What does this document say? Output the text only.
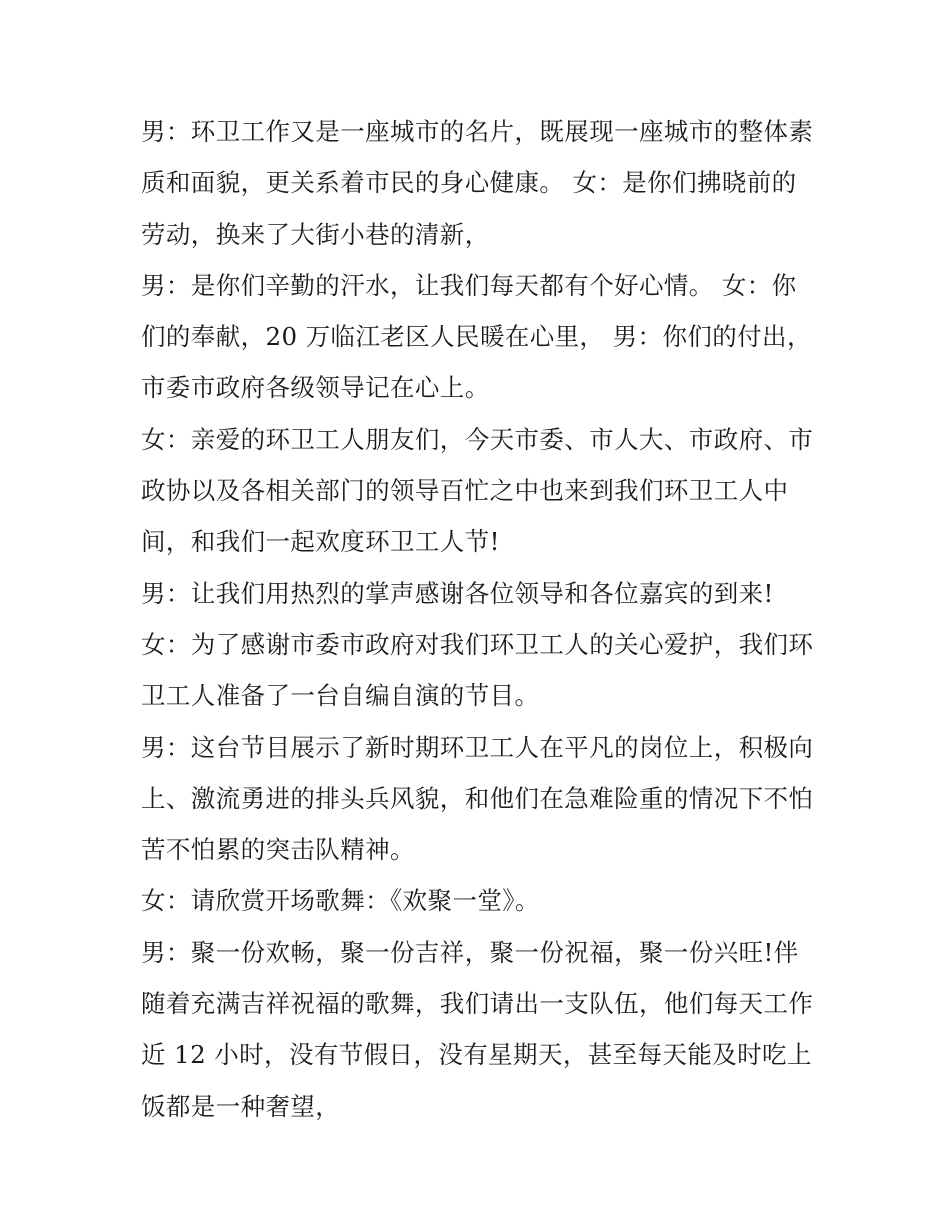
男：环卫工作又是一座城市的名片，既展现一座城市的整体素
质和面貌，更关系着市民的身心健康。 女：是你们拂晓前的
劳动，换来了大街小巷的清新，

男：是你们辛勤的汗水，让我们每天都有个好心情。 女：你
们的奉献，20 万临江老区人民暖在心里， 男：你们的付出，
市委市政府各级领导记在心上。

女：亲爱的环卫工人朋友们，今天市委、市人大、市政府、市
政协以及各相关部门的领导百忙之中也来到我们环卫工人中
间，和我们一起欢度环卫工人节!

男：让我们用热烈的掌声感谢各位领导和各位嘉宾的到来!

女：为了感谢市委市政府对我们环卫工人的关心爱护，我们环
卫工人准备了一台自编自演的节目。

男：这台节目展示了新时期环卫工人在平凡的岗位上，积极向
上、激流勇进的排头兵风貌，和他们在急难险重的情况下不怕
苦不怕累的突击队精神。

女：请欣赏开场歌舞：《欢聚一堂》。

男：聚一份欢畅，聚一份吉祥，聚一份祝福，聚一份兴旺!伴
随着充满吉祥祝福的歌舞，我们请出一支队伍，他们每天工作
近 12 小时，没有节假日，没有星期天，甚至每天能及时吃上
饭都是一种奢望，
